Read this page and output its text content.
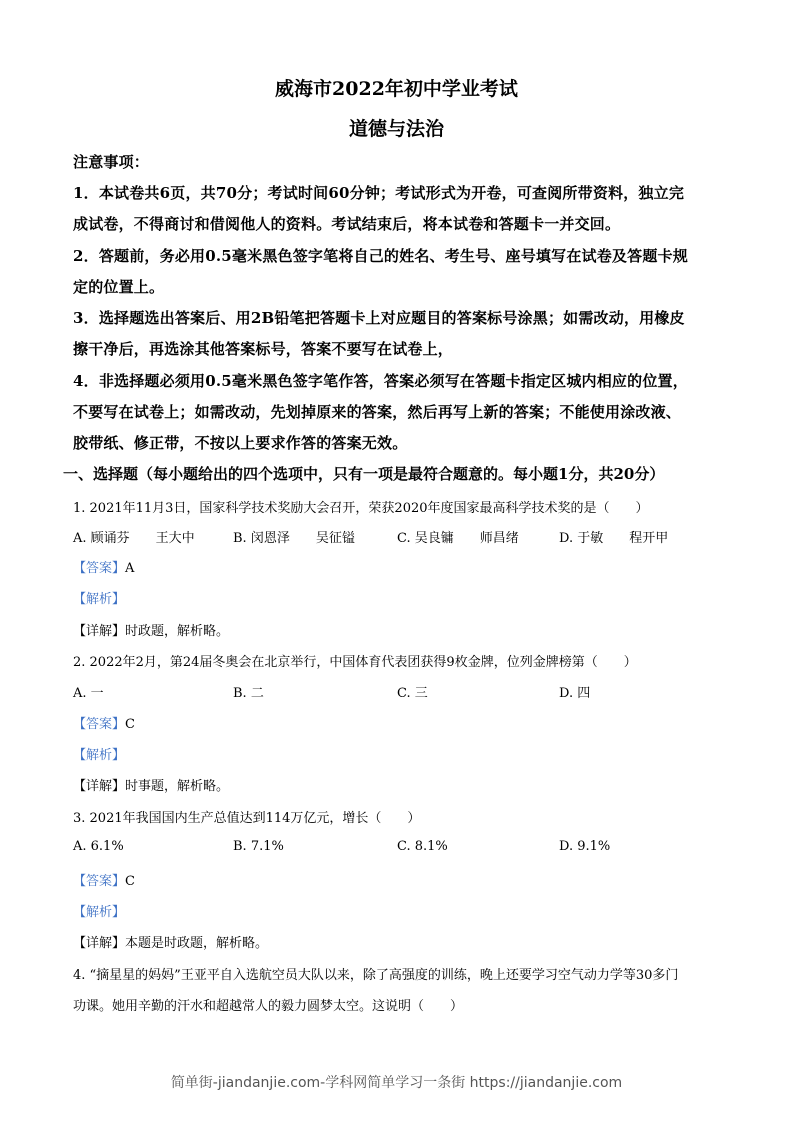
威海市2022年初中学业考试
道德与法治
注意事项：
1．本试卷共6页，共70分；考试时间60分钟；考试形式为开卷，可查阅所带资料，独立完
成试卷，不得商讨和借阅他人的资料。考试结束后，将本试卷和答题卡一并交回。
2．答题前，务必用0.5毫米黑色签字笔将自己的姓名、考生号、座号填写在试卷及答题卡规
定的位置上。
3．选择题选出答案后、用2B铅笔把答题卡上对应题目的答案标号涂黑；如需改动，用橡皮
擦干净后，再选涂其他答案标号，答案不要写在试卷上，
4．非选择题必须用0.5毫米黑色签字笔作答，答案必须写在答题卡指定区城内相应的位置，
不要写在试卷上；如需改动，先划掉原来的答案，然后再写上新的答案；不能使用涂改液、
胶带纸、修正带，不按以上要求作答的答案无效。
一、选择题（每小题给出的四个选项中，只有一项是最符合题意的。每小题1分，共20分）
1. 2021年11月3日，国家科学技术奖励大会召开，荣获2020年度国家最高科学技术奖的是（　　）
A. 顾诵芬　　王大中	B. 闵恩泽　　吴征镒	C. 吴良镛　　师昌绪	D. 于敏　　程开甲
【答案】A
【解析】
【详解】时政题，解析略。
2. 2022年2月，第24届冬奥会在北京举行，中国体育代表团获得9枚金牌，位列金牌榜第（　　）
A. 一	B. 二	C. 三	D. 四
【答案】C
【解析】
【详解】时事题，解析略。
3. 2021年我国国内生产总值达到114万亿元，增长（　　）
A. 6.1%	B. 7.1%	C. 8.1%	D. 9.1%
【答案】C
【解析】
【详解】本题是时政题，解析略。
4. “摘星星的妈妈”王亚平自入选航空员大队以来，除了高强度的训练，晚上还要学习空气动力学等30多门
功课。她用辛勤的汗水和超越常人的毅力圆梦太空。这说明（　　）
简单街-jiandanjie.com-学科网简单学习一条街 https://jiandanjie.com
